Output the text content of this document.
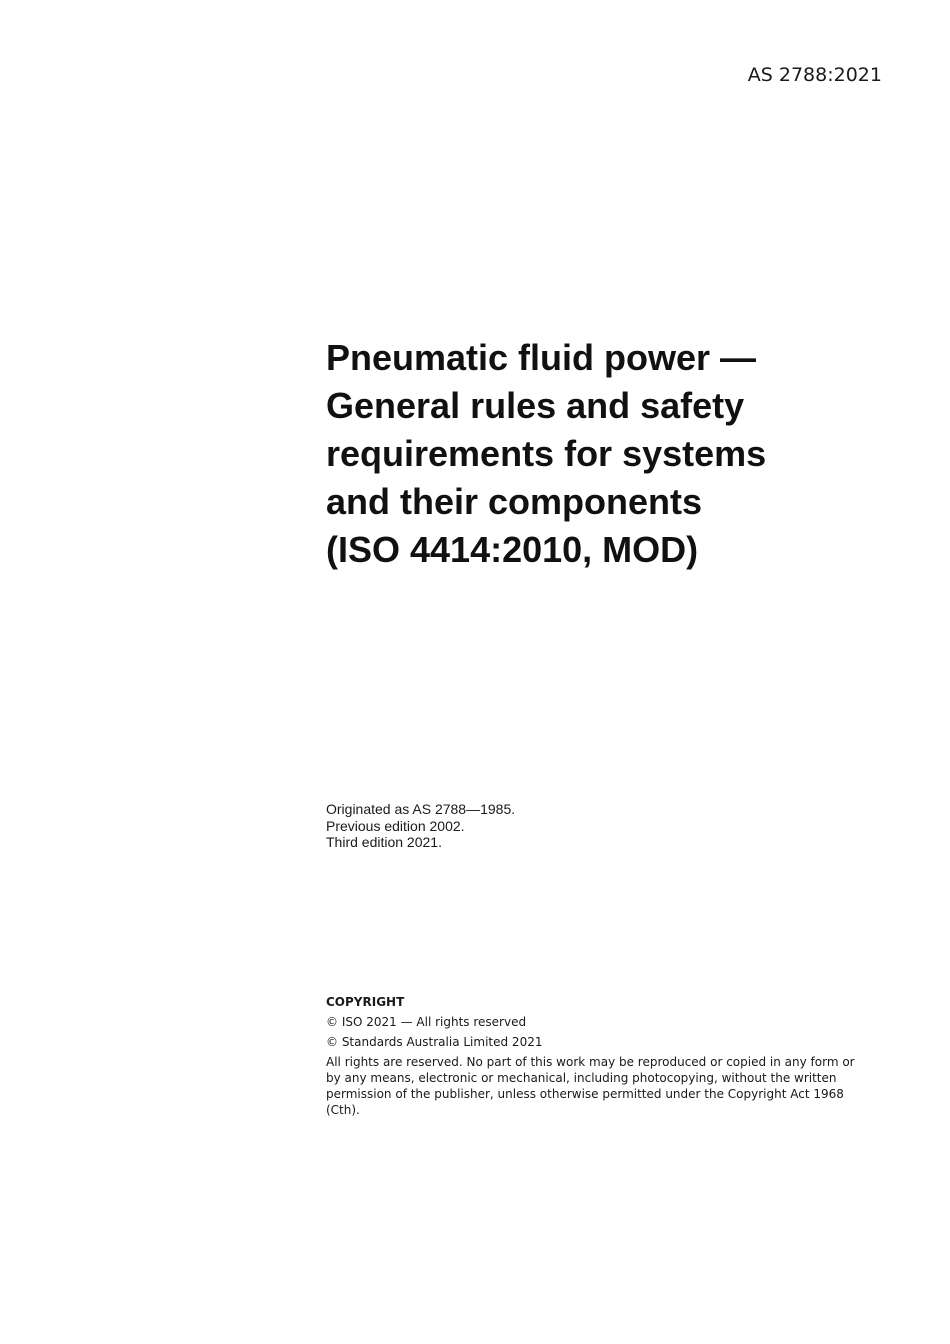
AS 2788:2021
Pneumatic fluid power —
General rules and safety
requirements for systems
and their components
(ISO 4414:2010, MOD)
Originated as AS 2788—1985.
Previous edition 2002.
Third edition 2021.
COPYRIGHT
© ISO 2021 — All rights reserved
© Standards Australia Limited 2021
All rights are reserved. No part of this work may be reproduced or copied in any form or by any means, electronic or mechanical, including photocopying, without the written permission of the publisher, unless otherwise permitted under the Copyright Act 1968 (Cth).
